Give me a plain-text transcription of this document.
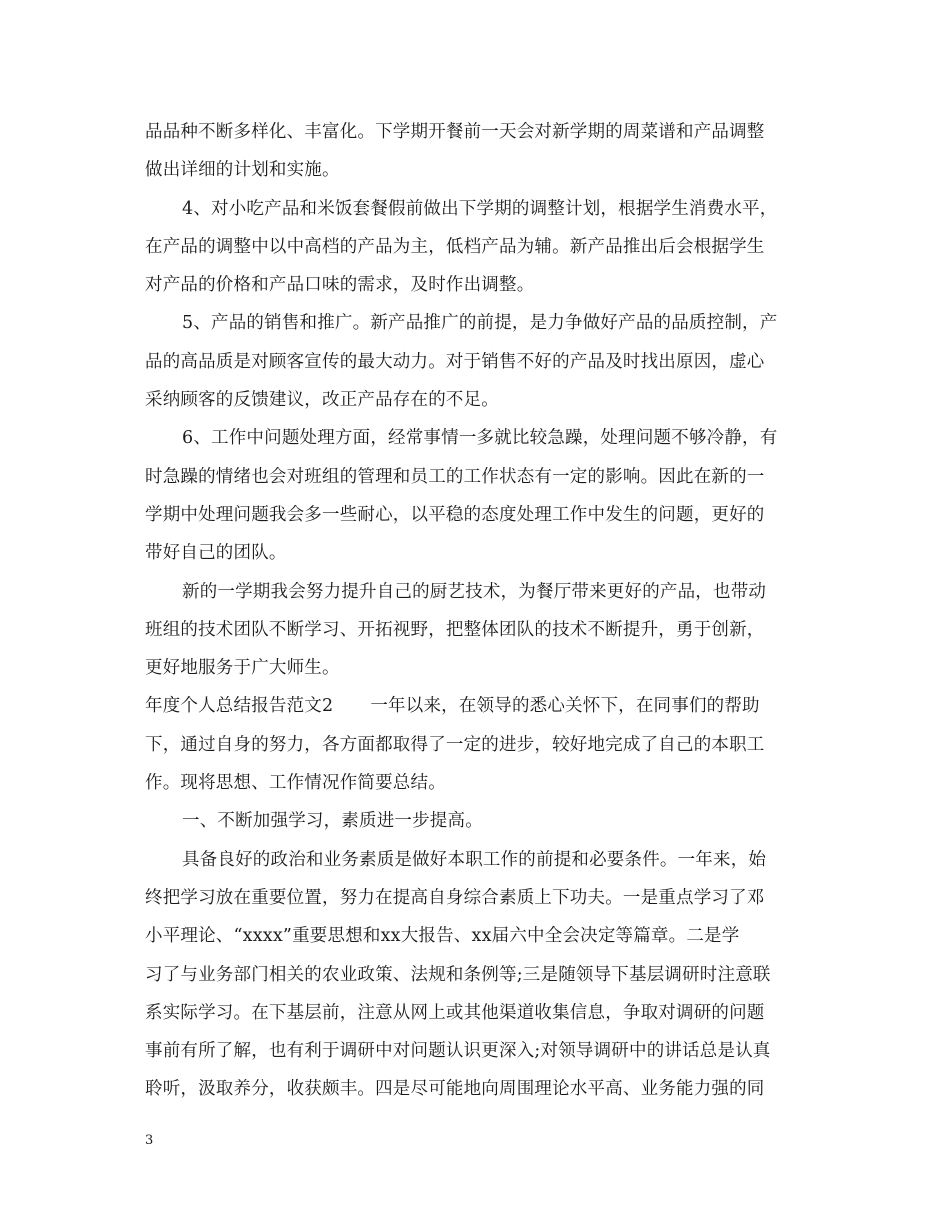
品品种不断多样化、丰富化。下学期开餐前一天会对新学期的周菜谱和产品调整
做出详细的计划和实施。
4、对小吃产品和米饭套餐假前做出下学期的调整计划，根据学生消费水平，
在产品的调整中以中高档的产品为主，低档产品为辅。新产品推出后会根据学生
对产品的价格和产品口味的需求，及时作出调整。
5、产品的销售和推广。新产品推广的前提，是力争做好产品的品质控制，产
品的高品质是对顾客宣传的最大动力。对于销售不好的产品及时找出原因，虚心
采纳顾客的反馈建议，改正产品存在的不足。
6、工作中问题处理方面，经常事情一多就比较急躁，处理问题不够冷静，有
时急躁的情绪也会对班组的管理和员工的工作状态有一定的影响。因此在新的一
学期中处理问题我会多一些耐心，以平稳的态度处理工作中发生的问题，更好的
带好自己的团队。
新的一学期我会努力提升自己的厨艺技术，为餐厅带来更好的产品，也带动
班组的技术团队不断学习、开拓视野，把整体团队的技术不断提升，勇于创新，
更好地服务于广大师生。
年度个人总结报告范文2 一年以来，在领导的悉心关怀下，在同事们的帮助
下，通过自身的努力，各方面都取得了一定的进步，较好地完成了自己的本职工
作。现将思想、工作情况作简要总结。
一、不断加强学习，素质进一步提高。
具备良好的政治和业务素质是做好本职工作的前提和必要条件。一年来，始
终把学习放在重要位置，努力在提高自身综合素质上下功夫。一是重点学习了邓
小平理论、“xxxx”重要思想和xx大报告、xx届六中全会决定等篇章。二是学
习了与业务部门相关的农业政策、法规和条例等;三是随领导下基层调研时注意联
系实际学习。在下基层前，注意从网上或其他渠道收集信息，争取对调研的问题
事前有所了解，也有利于调研中对问题认识更深入;对领导调研中的讲话总是认真
聆听，汲取养分，收获颇丰。四是尽可能地向周围理论水平高、业务能力强的同
3
